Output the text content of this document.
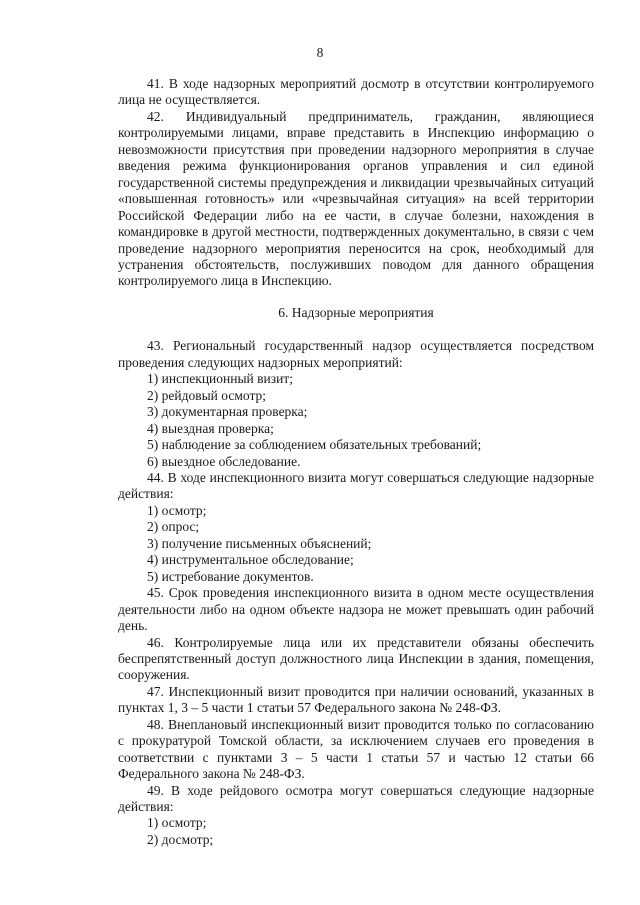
8

41. В ходе надзорных мероприятий досмотр в отсутствии контролируемого лица не осуществляется.

42. Индивидуальный предприниматель, гражданин, являющиеся контролируемыми лицами, вправе представить в Инспекцию информацию о невозможности присутствия при проведении надзорного мероприятия в случае введения режима функционирования органов управления и сил единой государственной системы предупреждения и ликвидации чрезвычайных ситуаций «повышенная готовность» или «чрезвычайная ситуация» на всей территории Российской Федерации либо на ее части, в случае болезни, нахождения в командировке в другой местности, подтвержденных документально, в связи с чем проведение надзорного мероприятия переносится на срок, необходимый для устранения обстоятельств, послуживших поводом для данного обращения контролируемого лица в Инспекцию.

6. Надзорные мероприятия

43. Региональный государственный надзор осуществляется посредством проведения следующих надзорных мероприятий:

1) инспекционный визит;

2) рейдовый осмотр;

3) документарная проверка;

4) выездная проверка;

5) наблюдение за соблюдением обязательных требований;

6) выездное обследование.

44. В ходе инспекционного визита могут совершаться следующие надзорные действия:

1) осмотр;

2) опрос;

3) получение письменных объяснений;

4) инструментальное обследование;

5) истребование документов.

45. Срок проведения инспекционного визита в одном месте осуществления деятельности либо на одном объекте надзора не может превышать один рабочий день.

46. Контролируемые лица или их представители обязаны обеспечить беспрепятственный доступ должностного лица Инспекции в здания, помещения, сооружения.

47. Инспекционный визит проводится при наличии оснований, указанных в пунктах 1, 3 – 5 части 1 статьи 57 Федерального закона № 248-ФЗ.

48. Внеплановый инспекционный визит проводится только по согласованию с прокуратурой Томской области, за исключением случаев его проведения в соответствии с пунктами 3 – 5 части 1 статьи 57 и частью 12 статьи 66 Федерального закона № 248-ФЗ.

49. В ходе рейдового осмотра могут совершаться следующие надзорные действия:

1) осмотр;

2) досмотр;
